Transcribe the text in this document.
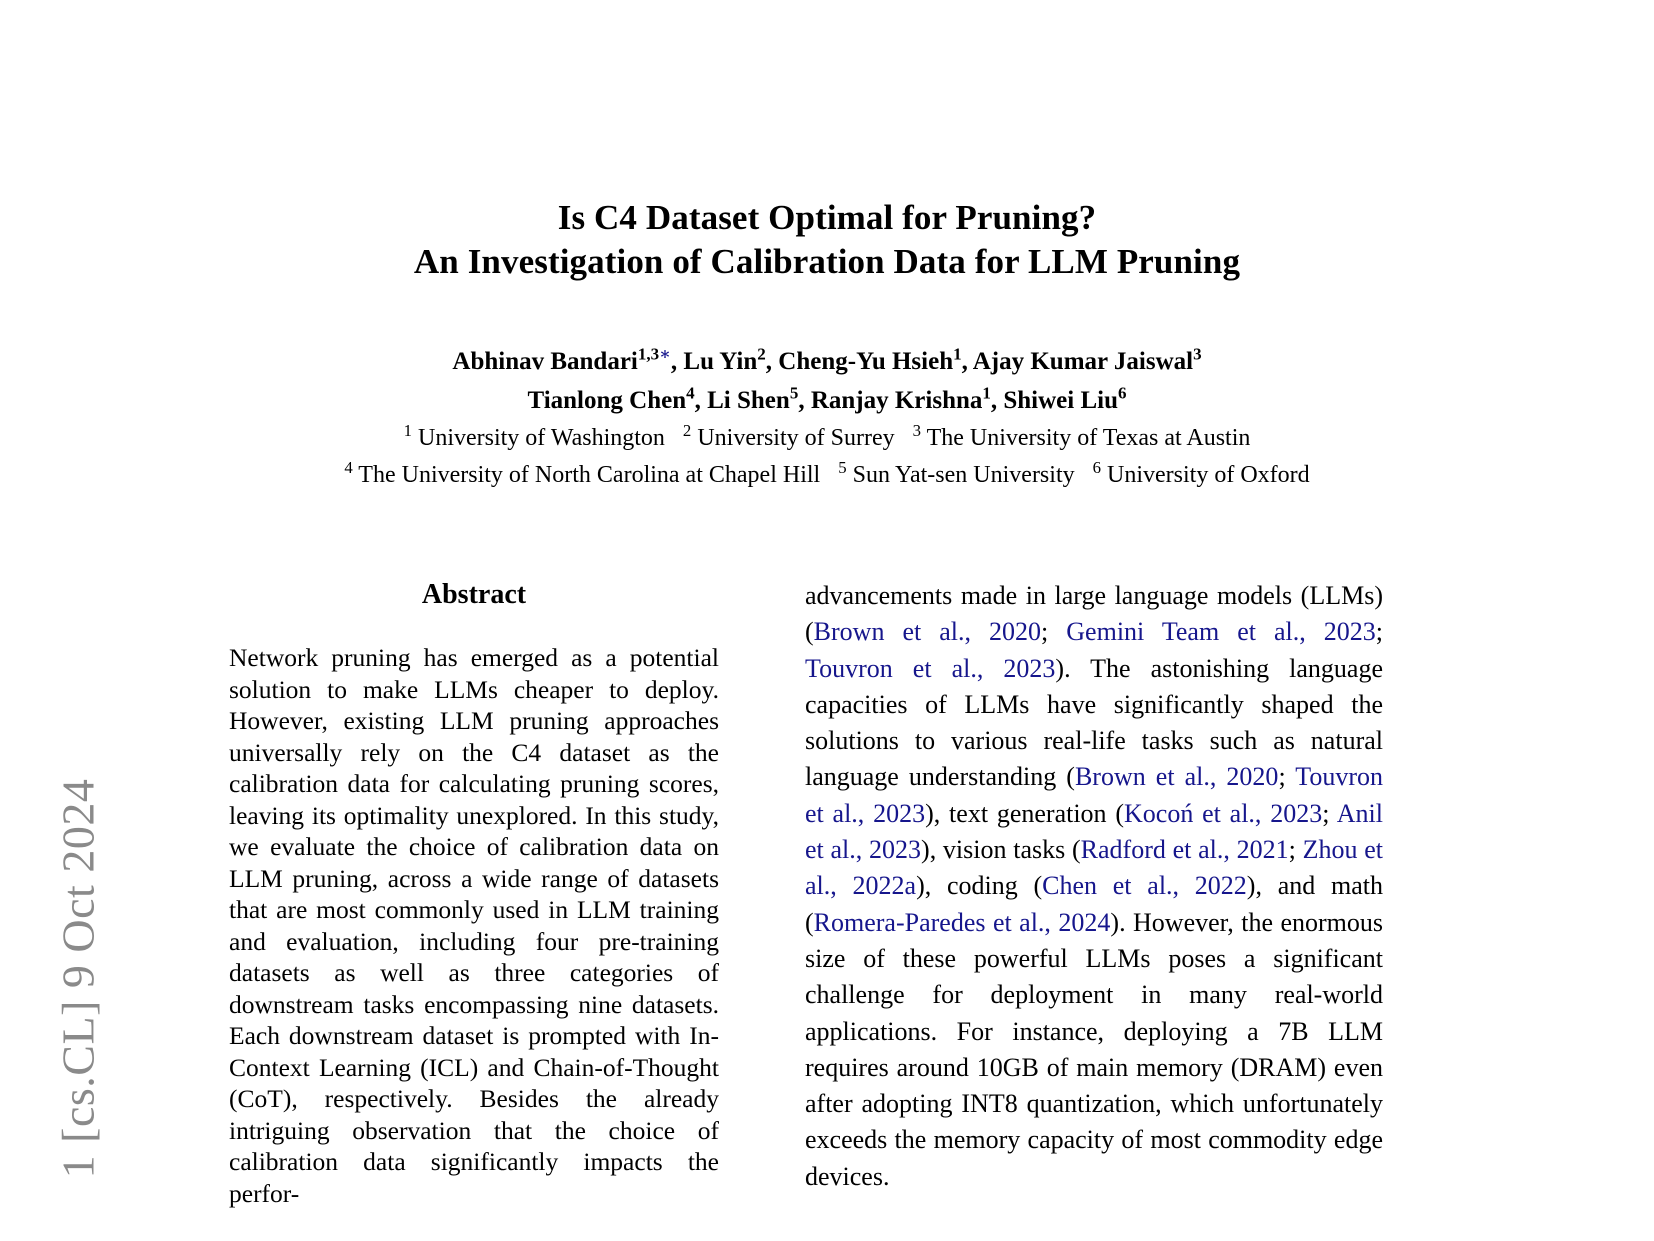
1 [cs.CL] 9 Oct 2024
Is C4 Dataset Optimal for Pruning?
An Investigation of Calibration Data for LLM Pruning
Abhinav Bandari$^{1,3∗}$, Lu Yin$^2$, Cheng-Yu Hsieh$^1$, Ajay Kumar Jaiswal$^3$
Tianlong Chen$^4$, Li Shen$^5$, Ranjay Krishna$^1$, Shiwei Liu$^6$
$^1$ University of Washington $^2$ University of Surrey $^3$ The University of Texas at Austin
$^4$ The University of North Carolina at Chapel Hill $^5$ Sun Yat-sen University $^6$ University of Oxford
Abstract

Network pruning has emerged as a potential solution to make LLMs cheaper to deploy. However, existing LLM pruning approaches universally rely on the C4 dataset as the calibration data for calculating pruning scores, leaving its optimality unexplored. In this study, we evaluate the choice of calibration data on LLM pruning, across a wide range of datasets that are most commonly used in LLM training and evaluation, including four pre-training datasets as well as three categories of downstream tasks encompassing nine datasets. Each downstream dataset is prompted with In-Context Learning (ICL) and Chain-of-Thought (CoT), respectively. Besides the already intriguing observation that the choice of calibration data significantly impacts the perfor-

advancements made in large language models (LLMs) (Brown et al., 2020; Gemini Team et al., 2023; Touvron et al., 2023). The astonishing language capacities of LLMs have significantly shaped the solutions to various real-life tasks such as natural language understanding (Brown et al., 2020; Touvron et al., 2023), text generation (Kocoń et al., 2023; Anil et al., 2023), vision tasks (Radford et al., 2021; Zhou et al., 2022a), coding (Chen et al., 2022), and math (Romera-Paredes et al., 2024). However, the enormous size of these powerful LLMs poses a significant challenge for deployment in many real-world applications. For instance, deploying a 7B LLM requires around 10GB of main memory (DRAM) even after adopting INT8 quantization, which unfortunately exceeds the memory capacity of most commodity edge devices.
